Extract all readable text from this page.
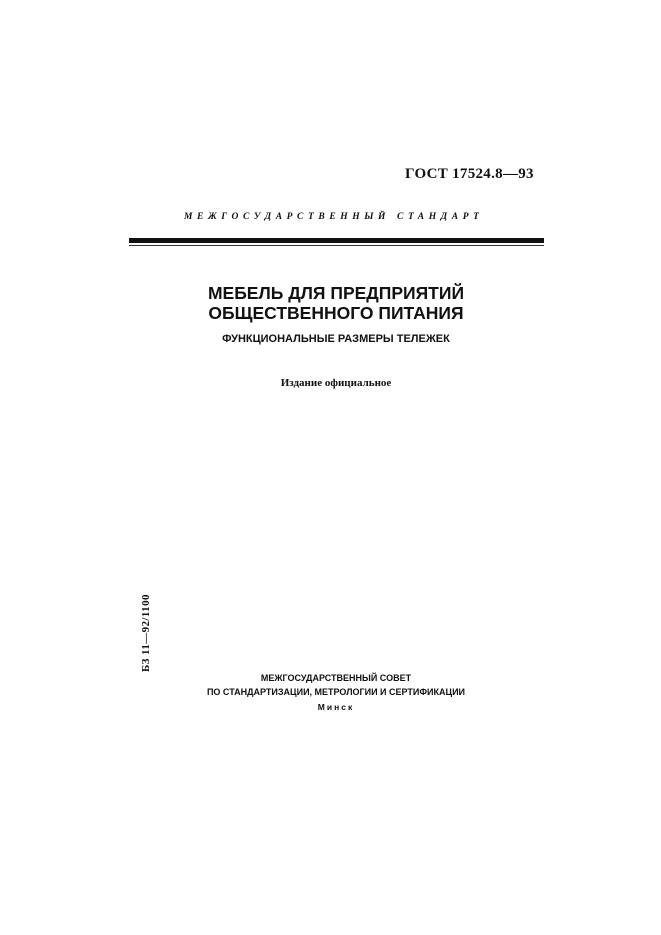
ГОСТ 17524.8—93
МЕЖГОСУДАРСТВЕННЫЙ СТАНДАРТ
МЕБЕЛЬ ДЛЯ ПРЕДПРИЯТИЙ
ОБЩЕСТВЕННОГО ПИТАНИЯ
ФУНКЦИОНАЛЬНЫЕ РАЗМЕРЫ ТЕЛЕЖЕК
Издание официальное
БЗ 11—92/1100
МЕЖГОСУДАРСТВЕННЫЙ СОВЕТ
ПО СТАНДАРТИЗАЦИИ, МЕТРОЛОГИИ И СЕРТИФИКАЦИИ
Минск
